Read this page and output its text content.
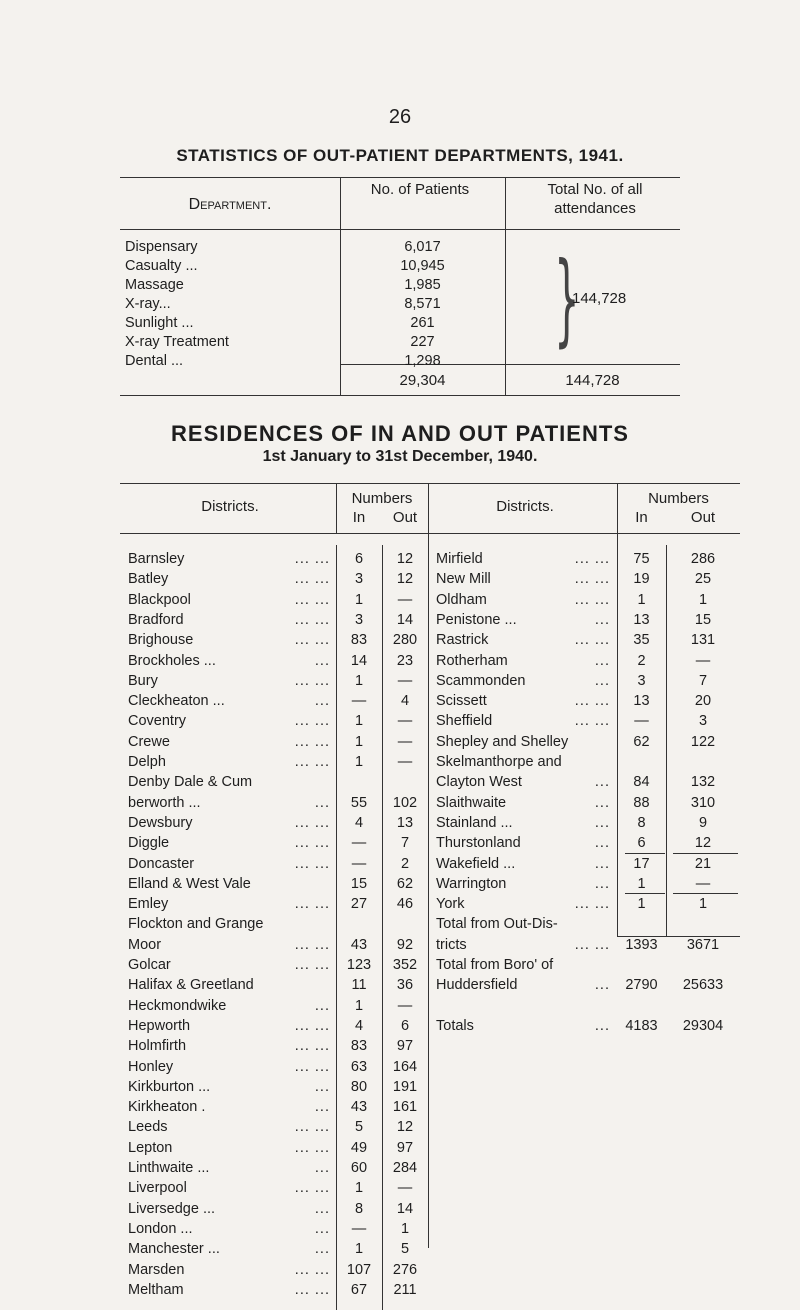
26
STATISTICS OF OUT-PATIENT DEPARTMENTS, 1941.
Department.
No. of Patients	Total No. of all attendances
Dispensary	6,017
Casualty ...	10,945
Massage	1,985
X-ray...	8,571
Sunlight ...	261
X-ray Treatment	227
Dental ...	1,298
}
144,728
29,304	144,728
RESIDENCES OF IN AND OUT PATIENTS
1st January to 31st December, 1940.
Districts.	Numbers
In	Out
Districts.	Numbers
In	Out
Barnsley	... ...	6	12
Batley	... ...	3	12
Blackpool	... ...	1	—
Bradford	... ...	3	14
Brighouse	... ...	83	280
Brockholes ...	...	14	23
Bury	... ...	1	—
Cleckheaton ...	...	—	4
Coventry	... ...	1	—
Crewe	... ...	1	—
Delph	... ...	1	—
Denby Dale & Cum
berworth ...	...	55	102
Dewsbury	... ...	4	13
Diggle	... ...	—	7
Doncaster	... ...	—	2
Elland & West Vale	15	62
Emley	... ...	27	46
Flockton and Grange
Moor	... ...	43	92
Golcar	... ...	123	352
Halifax & Greetland	11	36
Heckmondwike	...	1	—
Hepworth	... ...	4	6
Holmfirth	... ...	83	97
Honley	... ...	63	164
Kirkburton ...	...	80	191
Kirkheaton .	...	43	161
Leeds	... ...	5	12
Lepton	... ...	49	97
Linthwaite ...	...	60	284
Liverpool	... ...	1	—
Liversedge ...	...	8	14
London ...	...	—	1
Manchester ...	...	1	5
Marsden	... ...	107	276
Meltham	... ...	67	211
Mirfield	... ...	75	286
New Mill	... ...	19	25
Oldham	... ...	1	1
Penistone ...	...	13	15
Rastrick	... ...	35	131
Rotherham	...	2	—
Scammonden	...	3	7
Scissett	... ...	13	20
Sheffield	... ...	—	3
Shepley and Shelley	62	122
Skelmanthorpe and
Clayton West	...	84	132
Slaithwaite	...	88	310
Stainland ...	...	8	9
Thurstonland	...	6	12
Wakefield ...	...	17	21
Warrington	...	1	—
York	... ...	1	1
Total from Out-Dis-
tricts	... ...	1393	3671
Total from Boro' of
Huddersfield	...	2790	25633
Totals	...	4183	29304
